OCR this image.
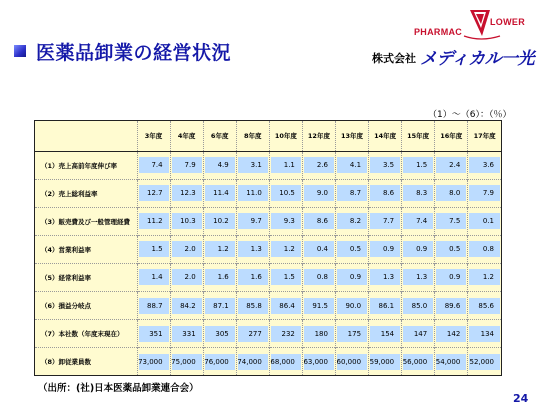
医薬品卸業の経営状況
PHARMAC
LOWER
株式会社 メディカル一光
（1）～（6）：（％）
	3年度	4年度	6年度	8年度	10年度	12年度	13年度	14年度	15年度	16年度	17年度
（1）売上高前年度伸び率	7.4	7.9	4.9	3.1	1.1	2.6	4.1	3.5	1.5	2.4	3.6

（2）売上総利益率	12.7	12.3	11.4	11.0	10.5	9.0	8.7	8.6	8.3	8.0	7.9

（3）販売費及び一般管理経費	11.2	10.3	10.2	9.7	9.3	8.6	8.2	7.7	7.4	7.5	0.1

（4）営業利益率	1.5	2.0	1.2	1.3	1.2	0.4	0.5	0.9	0.9	0.5	0.8

（5）経常利益率	1.4	2.0	1.6	1.6	1.5	0.8	0.9	1.3	1.3	0.9	1.2

（6）損益分岐点	88.7	84.2	87.1	85.8	86.4	91.5	90.0	86.1	85.0	89.6	85.6

（7）本社数（年度末現在）	351	331	305	277	232	180	175	154	147	142	134

（8）卸従業員数	73,000	75,000	76,000	74,000	68,000	63,000	60,000	59,000	56,000	54,000	52,000
（出所：(社)日本医薬品卸業連合会）
24
